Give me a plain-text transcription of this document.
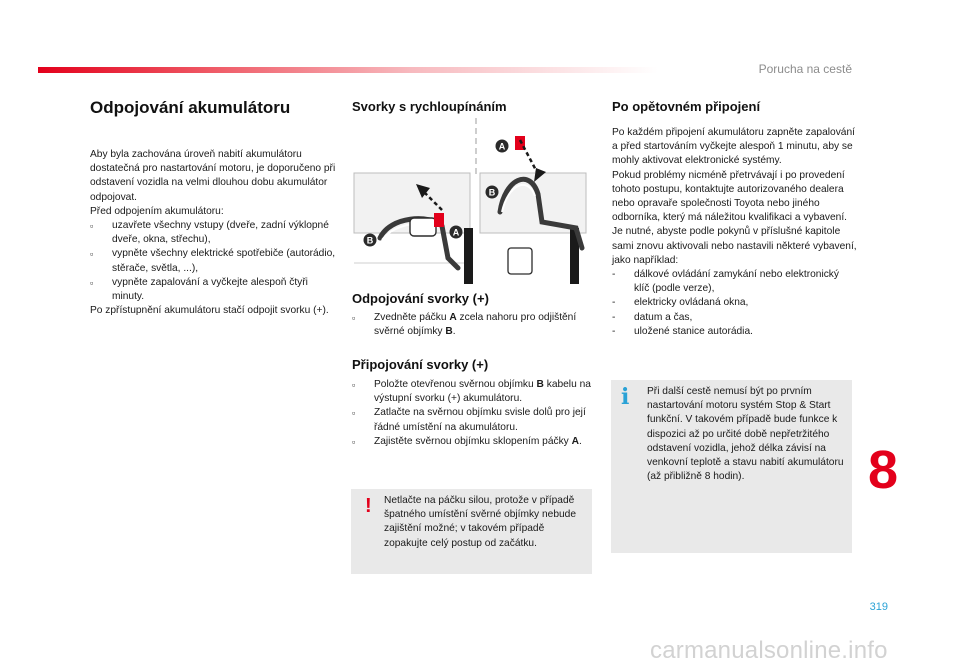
Porucha na cestě
Odpojování akumulátoru

Aby byla zachována úroveň nabití akumulátoru dostatečná pro nastartování motoru, je doporučeno při odstavení vozidla na velmi dlouhou dobu akumulátor odpojovat.

Před odpojením akumulátoru:

▫ uzavřete všechny vstupy (dveře, zadní výklopné dveře, okna, střechu),
▫ vypněte všechny elektrické spotřebiče (autorádio, stěrače, světla, ...),
▫ vypněte zapalování a vyčkejte alespoň čtyři minuty.

Po zpřístupnění akumulátoru stačí odpojit svorku (+).

Svorky s rychloupínáním
A
B
B
A
Odpojování svorky (+)
▫ Zvedněte páčku A zcela nahoru pro odjištění svěrné objímky B.
Připojování svorky (+)
▫ Položte otevřenou svěrnou objímku B kabelu na výstupní svorku (+) akumulátoru.
▫ Zatlačte na svěrnou objímku svisle dolů pro její řádné umístění na akumulátoru.
▫ Zajistěte svěrnou objímku sklopením páčky A.
! Netlačte na páčku silou, protože v případě špatného umístění svěrné objímky nebude zajištění možné; v takovém případě zopakujte celý postup od začátku.
Po opětovném připojení

Po každém připojení akumulátoru zapněte zapalování a před startováním vyčkejte alespoň 1 minutu, aby se mohly aktivovat elektronické systémy.

Pokud problémy nicméně přetrvávají i po provedení tohoto postupu, kontaktujte autorizovaného dealera nebo opravaře společnosti Toyota nebo jiného odborníka, který má náležitou kvalifikaci a vybavení.

Je nutné, abyste podle pokynů v příslušné kapitole sami znovu aktivovali nebo nastavili některé vybavení, jako například:

- dálkové ovládání zamykání nebo elektronický klíč (podle verze),
- elektricky ovládaná okna,
- datum a čas,
- uložené stanice autorádia.
i Při další cestě nemusí být po prvním nastartování motoru systém Stop & Start funkční. V takovém případě bude funkce k dispozici až po určité době nepřetržitého odstavení vozidla, jehož délka závisí na venkovní teplotě a stavu nabití akumulátoru (až přibližně 8 hodin).	8
319
carmanualsonline.info
